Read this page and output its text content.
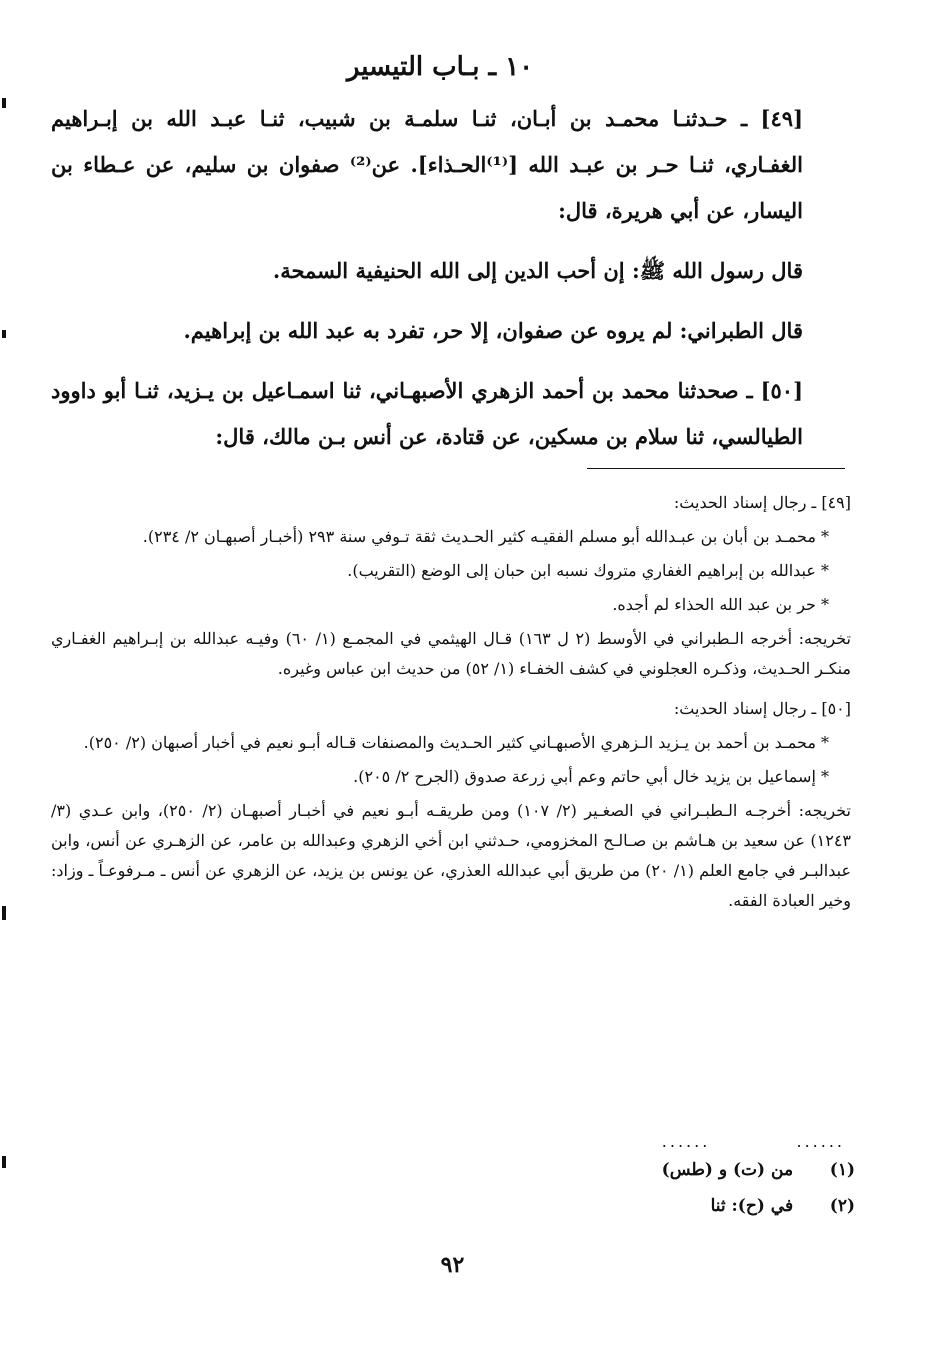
١٠ ـ بـاب التيسير

[٤٩] ـ حـدثنـا محمـد بن أبـان، ثنـا سلمـة بن شبيب، ثنـا عبـد الله بن إبـراهيم الغفـاري، ثنـا حـر بن عبـد الله [⁽¹⁾الحـذاء]. عن⁽²⁾ صفوان بن سليم، عن عـطاء بن اليسار، عن أبي هريرة، قال:

قال رسول الله ﷺ: إن أحب الدين إلى الله الحنيفية السمحة.

قال الطبراني: لم يروه عن صفوان، إلا حر، تفرد به عبد الله بن إبراهيم.

[٥٠] ـ صحدثنا محمد بن أحمد الزهري الأصبهـاني، ثنا اسمـاعيل بن يـزيد، ثنـا أبو داوود الطيالسي، ثنا سلام بن مسكين، عن قتادة، عن أنس بـن مالك، قال:

[٤٩] ـ رجال إسناد الحديث:

* محمـد بن أبان بن عبـدالله أبو مسلم الفقيـه كثير الحـديث ثقة تـوفي سنة ٢٩٣ (أخبـار أصبهـان ٢/ ٢٣٤).

* عبدالله بن إبراهيم الغفاري متروك نسبه ابن حبان إلى الوضع (التقريب).

* حر بن عبد الله الحذاء لم أجده.

تخريجه: أخرجه الـطبراني في الأوسط (٢ ل ١٦٣) قـال الهيثمي في المجمـع (١/ ٦٠) وفيـه عبدالله بن إبـراهيم الغفـاري منكـر الحـديث، وذكـره العجلوني في كشف الخفـاء (١/ ٥٢) من حديث ابن عباس وغيره.

[٥٠] ـ رجال إسناد الحديث:

* محمـد بن أحمد بن يـزيد الـزهري الأصبهـاني كثير الحـديث والمصنفات قـاله أبـو نعيم في أخبار أصبهان (٢/ ٢٥٠).

* إسماعيل بن يزيد خال أبي حاتم وعم أبي زرعة صدوق (الجرح ٢/ ٢٠٥).

تخريجه: أخرجـه الـطبـراني في الصغـير (٢/ ١٠٧) ومن طريقـه أبـو نعيم في أخبـار أصبهـان (٢/ ٢٥٠)، وابن عـدي (٣/ ١٢٤٣) عن سعيد بن هـاشم بن صـالـح المخزومي، حـدثني ابن أخي الزهري وعبدالله بن عامر، عن الزهـري عن أنس، وابن عبدالبـر في جامع العلم (١/ ٢٠) من طريق أبي عبدالله العذري، عن يونس بن يزيد، عن الزهري عن أنس ـ مـرفوعـاً ـ وزاد: وخير العبادة الفقه.

......  ......
(١) من (ت) و (طس)
(٢) في (ح): ثنا
٩٢
